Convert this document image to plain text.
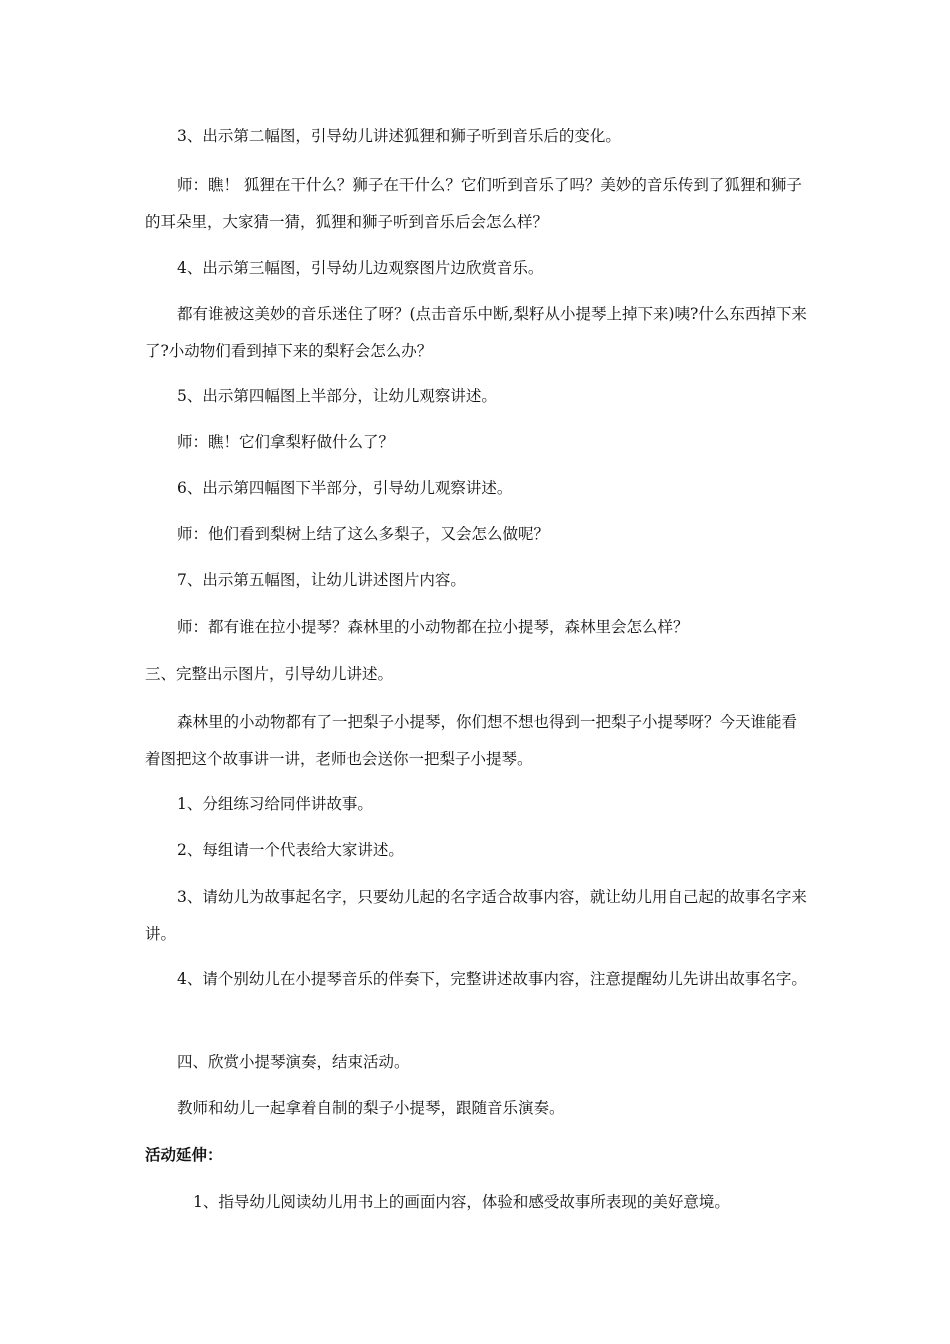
3、出示第二幅图，引导幼儿讲述狐狸和狮子听到音乐后的变化。

师：瞧！ 狐狸在干什么？狮子在干什么？它们听到音乐了吗？美妙的音乐传到了狐狸和狮子的耳朵里，大家猜一猜，狐狸和狮子听到音乐后会怎么样？

4、出示第三幅图，引导幼儿边观察图片边欣赏音乐。

都有谁被这美妙的音乐迷住了呀？(点击音乐中断,梨籽从小提琴上掉下来)咦?什么东西掉下来了?小动物们看到掉下来的梨籽会怎么办？

5、出示第四幅图上半部分，让幼儿观察讲述。

师：瞧！它们拿梨籽做什么了？

6、出示第四幅图下半部分，引导幼儿观察讲述。

师：他们看到梨树上结了这么多梨子，又会怎么做呢？

7、出示第五幅图，让幼儿讲述图片内容。

师：都有谁在拉小提琴？森林里的小动物都在拉小提琴，森林里会怎么样？

三、完整出示图片，引导幼儿讲述。

森林里的小动物都有了一把梨子小提琴，你们想不想也得到一把梨子小提琴呀？今天谁能看着图把这个故事讲一讲，老师也会送你一把梨子小提琴。

1、分组练习给同伴讲故事。

2、每组请一个代表给大家讲述。

3、请幼儿为故事起名字，只要幼儿起的名字适合故事内容，就让幼儿用自己起的故事名字来讲。

4、请个别幼儿在小提琴音乐的伴奏下，完整讲述故事内容，注意提醒幼儿先讲出故事名字。

四、欣赏小提琴演奏，结束活动。

教师和幼儿一起拿着自制的梨子小提琴，跟随音乐演奏。

活动延伸：

1、指导幼儿阅读幼儿用书上的画面内容，体验和感受故事所表现的美好意境。
